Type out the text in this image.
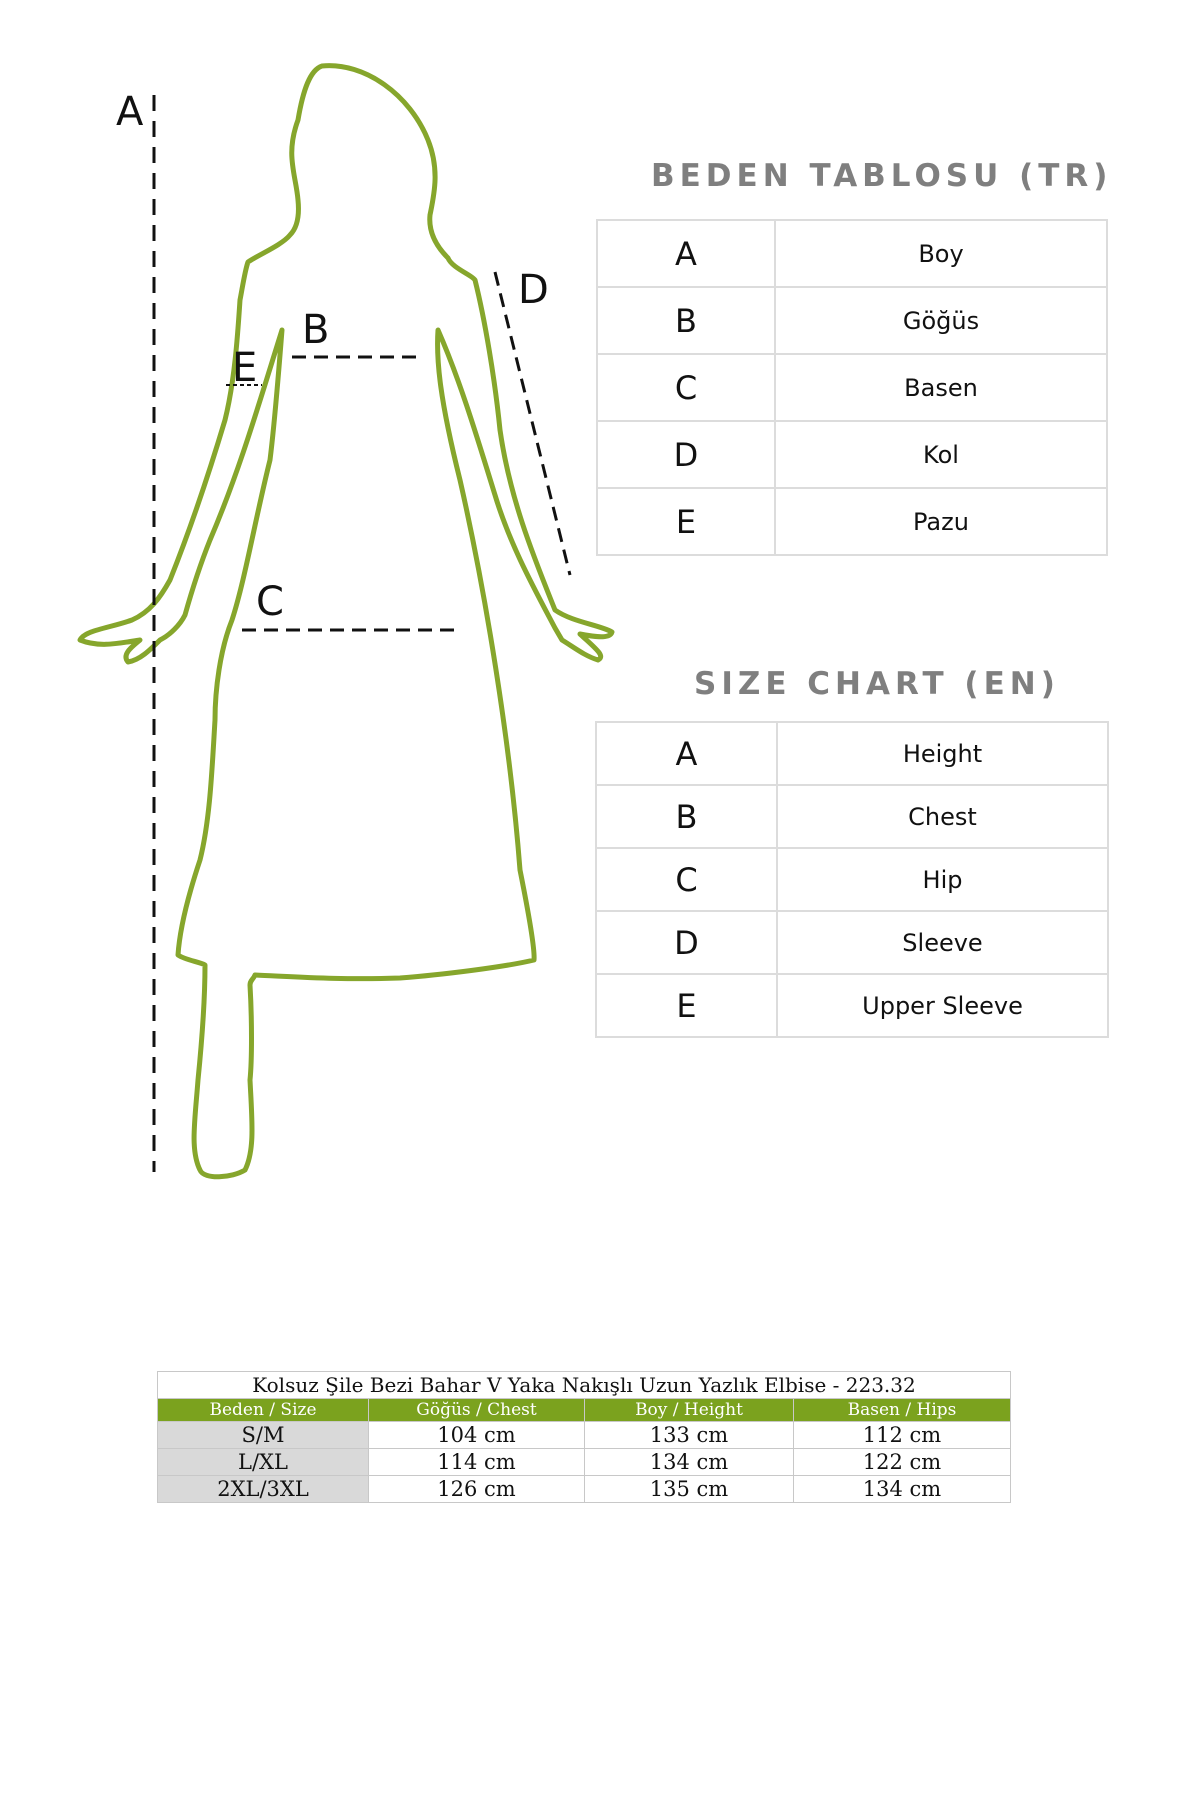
A
B
C
D
E
BEDEN TABLOSU (TR)
A	Boy
B	Göğüs
C	Basen
D	Kol
E	Pazu
SIZE CHART (EN)
A	Height
B	Chest
C	Hip
D	Sleeve
E	Upper Sleeve
Kolsuz Şile Bezi Bahar V Yaka Nakışlı Uzun Yazlık Elbise - 223.32
Beden / Size	Göğüs / Chest	Boy / Height	Basen / Hips
S/M	104 cm	133 cm	112 cm
L/XL	114 cm	134 cm	122 cm
2XL/3XL	126 cm	135 cm	134 cm
